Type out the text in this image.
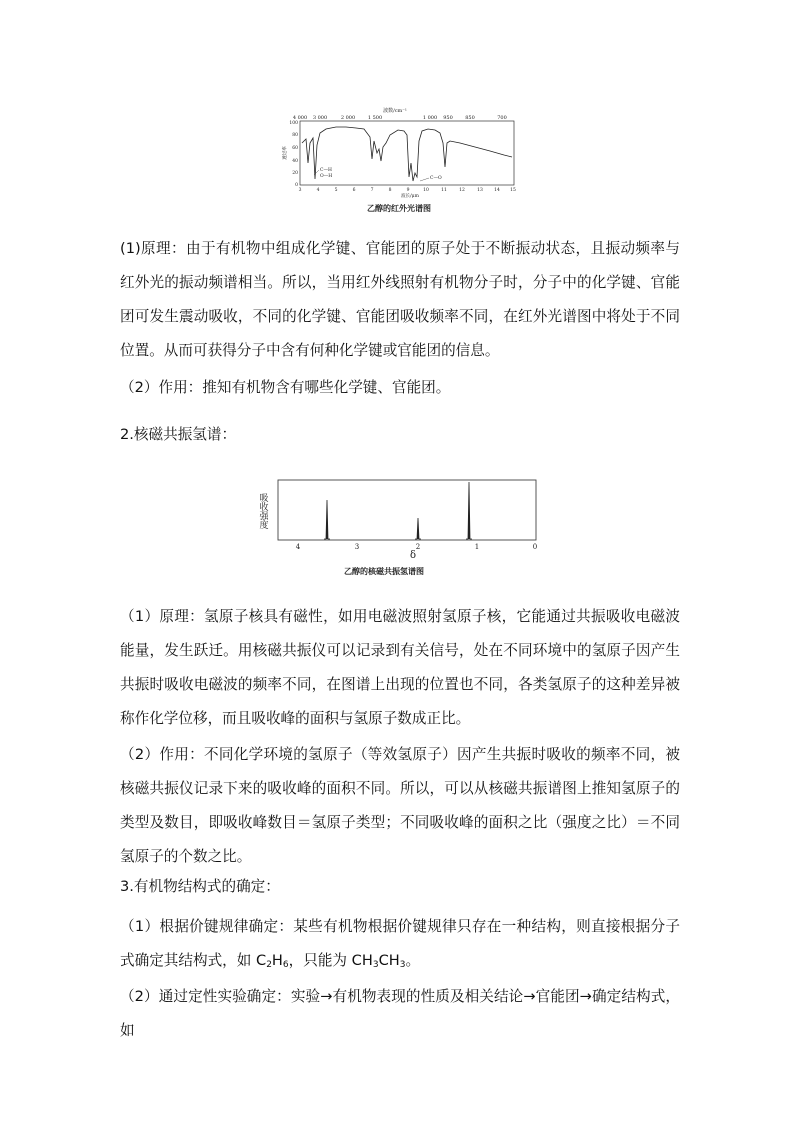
波数/cm⁻¹
4 000 3 000	2 000	1 500	1 000 950 850	700
100
80
60
40
20
0
透过率
C—H
O—H	C—O
3	4	5	6	7	8	9	10	11	12	13	14 15
波长/μm
乙醇的红外光谱图

(1)原理：由于有机物中组成化学键、官能团的原子处于不断振动状态，且振动频率与红外光的振动频谱相当。所以，当用红外线照射有机物分子时，分子中的化学键、官能团可发生震动吸收，不同的化学键、官能团吸收频率不同，在红外光谱图中将处于不同位置。从而可获得分子中含有何种化学键或官能团的信息。

（2）作用：推知有机物含有哪些化学键、官能团。

2.核磁共振氢谱：

吸
收
强
度
4	3	2	1	0
δ
乙醇的核磁共振氢谱图

（1）原理：氢原子核具有磁性，如用电磁波照射氢原子核，它能通过共振吸收电磁波能量，发生跃迁。用核磁共振仪可以记录到有关信号，处在不同环境中的氢原子因产生共振时吸收电磁波的频率不同，在图谱上出现的位置也不同，各类氢原子的这种差异被称作化学位移，而且吸收峰的面积与氢原子数成正比。

（2）作用：不同化学环境的氢原子（等效氢原子）因产生共振时吸收的频率不同，被核磁共振仪记录下来的吸收峰的面积不同。所以，可以从核磁共振谱图上推知氢原子的类型及数目，即吸收峰数目＝氢原子类型；不同吸收峰的面积之比（强度之比）＝不同氢原子的个数之比。

3.有机物结构式的确定：

（1）根据价键规律确定：某些有机物根据价键规律只存在一种结构，则直接根据分子式确定其结构式，如 $C_2H_6$，只能为 $CH_3CH_3$。

（2）通过定性实验确定：实验→有机物表现的性质及相关结论→官能团→确定结构式，如
